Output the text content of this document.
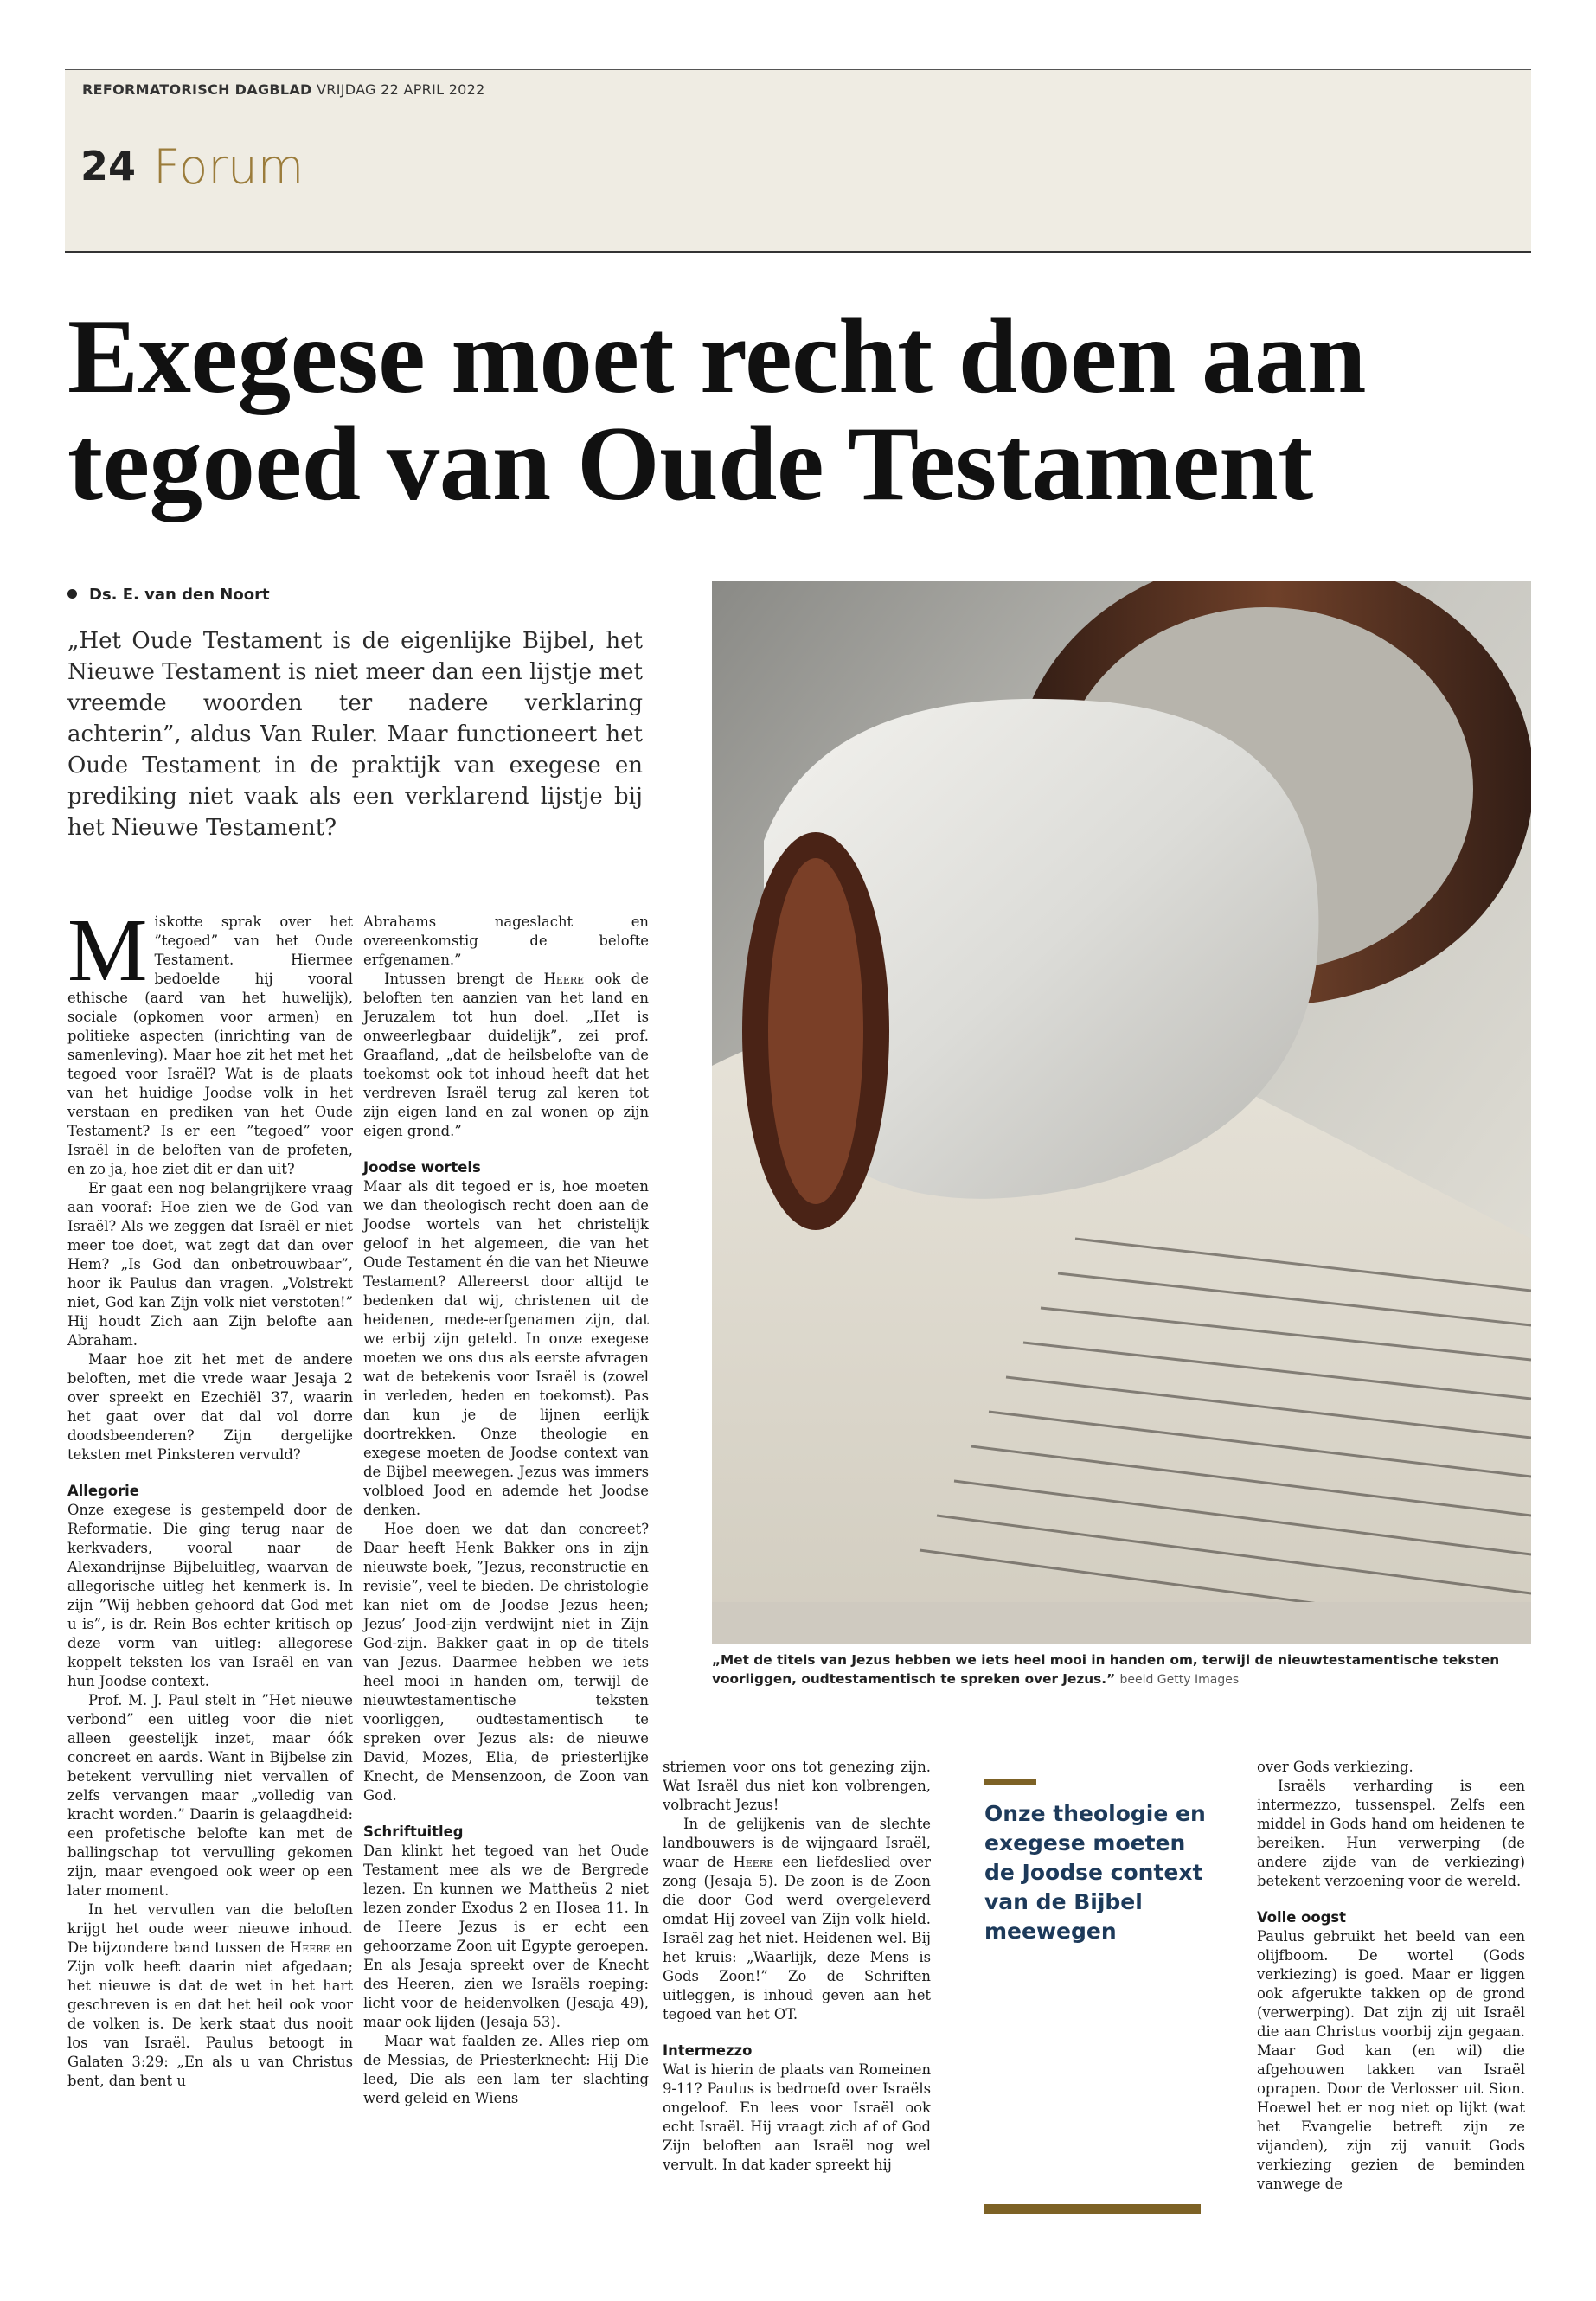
REFORMATORISCH DAGBLAD VRIJDAG 22 APRIL 2022
24 Forum
Exegese moet recht doen aan
tegoed van Oude Testament
Ds. E. van den Noort
„Het Oude Testament is de eigenlijke Bijbel, het Nieuwe Testament is niet meer dan een lijstje met vreemde woorden ter nadere verklaring achterin”, aldus Van Ruler. Maar functioneert het Oude Testament in de praktijk van exegese en prediking niet vaak als een verklarend lijstje bij het Nieuwe Testament?
„Met de titels van Jezus hebben we iets heel mooi in handen om, terwijl de nieuwtestamentische teksten voorliggen, oudtestamentisch te spreken over Jezus.” beeld Getty Images

Miskotte sprak over het ”tegoed” van het Oude Testament. Hiermee bedoelde hij vooral ethische (aard van het huwelijk), sociale (opkomen voor armen) en politieke aspecten (inrichting van de samenleving). Maar hoe zit het met het tegoed voor Israël? Wat is de plaats van het huidige Joodse volk in het verstaan en prediken van het Oude Testament? Is er een ”tegoed” voor Israël in de beloften van de profeten, en zo ja, hoe ziet dit er dan uit?

Er gaat een nog belangrijkere vraag aan vooraf: Hoe zien we de God van Israël? Als we zeggen dat Israël er niet meer toe doet, wat zegt dat dan over Hem? „Is God dan onbetrouwbaar”, hoor ik Paulus dan vragen. „Volstrekt niet, God kan Zijn volk niet verstoten!” Hij houdt Zich aan Zijn belofte aan Abraham.

Maar hoe zit het met de andere beloften, met die vrede waar Jesaja 2 over spreekt en Ezechiël 37, waarin het gaat over dat dal vol dorre doodsbeenderen? Zijn dergelijke teksten met Pinksteren vervuld?

Allegorie

Onze exegese is gestempeld door de Reformatie. Die ging terug naar de kerkvaders, vooral naar de Alexandrijnse Bijbeluitleg, waarvan de allegorische uitleg het kenmerk is. In zijn ”Wij hebben gehoord dat God met u is”, is dr. Rein Bos echter kritisch op deze vorm van uitleg: allegorese koppelt teksten los van Israël en van hun Joodse context.

Prof. M. J. Paul stelt in ”Het nieuwe verbond” een uitleg voor die niet alleen geestelijk inzet, maar óók concreet en aards. Want in Bijbelse zin betekent vervulling niet vervallen of zelfs vervangen maar „volledig van kracht worden.” Daarin is gelaagdheid: een profetische belofte kan met de ballingschap tot vervulling gekomen zijn, maar evengoed ook weer op een later moment.

In het vervullen van die beloften krijgt het oude weer nieuwe inhoud. De bijzondere band tussen de Heere en Zijn volk heeft daarin niet afgedaan; het nieuwe is dat de wet in het hart geschreven is en dat het heil ook voor de volken is. De kerk staat dus nooit los van Israël. Paulus betoogt in Galaten 3:29: „En als u van Christus bent, dan bent u

Abrahams nageslacht en overeenkomstig de belofte erfgenamen.”

Intussen brengt de Heere ook de beloften ten aanzien van het land en Jeruzalem tot hun doel. „Het is onweerlegbaar duidelijk”, zei prof. Graafland, „dat de heilsbelofte van de toekomst ook tot inhoud heeft dat het verdreven Israël terug zal keren tot zijn eigen land en zal wonen op zijn eigen grond.”

Joodse wortels

Maar als dit tegoed er is, hoe moeten we dan theologisch recht doen aan de Joodse wortels van het christelijk geloof in het algemeen, die van het Oude Testament én die van het Nieuwe Testament? Allereerst door altijd te bedenken dat wij, christenen uit de heidenen, mede-erfgenamen zijn, dat we erbij zijn geteld. In onze exegese moeten we ons dus als eerste afvragen wat de betekenis voor Israël is (zowel in verleden, heden en toekomst). Pas dan kun je de lijnen eerlijk doortrekken. Onze theologie en exegese moeten de Joodse context van de Bijbel meewegen. Jezus was immers volbloed Jood en ademde het Joodse denken.

Hoe doen we dat dan concreet? Daar heeft Henk Bakker ons in zijn nieuwste boek, ”Jezus, reconstructie en revisie”, veel te bieden. De christologie kan niet om de Joodse Jezus heen; Jezus’ Jood-zijn verdwijnt niet in Zijn God-zijn. Bakker gaat in op de titels van Jezus. Daarmee hebben we iets heel mooi in handen om, terwijl de nieuwtestamentische teksten voorliggen, oudtestamentisch te spreken over Jezus als: de nieuwe David, Mozes, Elia, de priesterlijke Knecht, de Mensenzoon, de Zoon van God.

Schriftuitleg

Dan klinkt het tegoed van het Oude Testament mee als we de Bergrede lezen. En kunnen we Mattheüs 2 niet lezen zonder Exodus 2 en Hosea 11. In de Heere Jezus is er echt een gehoorzame Zoon uit Egypte geroepen. En als Jesaja spreekt over de Knecht des Heeren, zien we Israëls roeping: licht voor de heidenvolken (Jesaja 49), maar ook lijden (Jesaja 53).

Maar wat faalden ze. Alles riep om de Messias, de Priesterknecht: Hij Die leed, Die als een lam ter slachting werd geleid en Wiens

striemen voor ons tot genezing zijn. Wat Israël dus niet kon volbrengen, volbracht Jezus!

In de gelijkenis van de slechte landbouwers is de wijngaard Israël, waar de Heere een liefdeslied over zong (Jesaja 5). De zoon is de Zoon die door God werd overgeleverd omdat Hij zoveel van Zijn volk hield. Israël zag het niet. Heidenen wel. Bij het kruis: „Waarlijk, deze Mens is Gods Zoon!” Zo de Schriften uitleggen, is inhoud geven aan het tegoed van het OT.

Intermezzo

Wat is hierin de plaats van Romeinen 9-11? Paulus is bedroefd over Israëls ongeloof. En lees voor Israël ook echt Israël. Hij vraagt zich af of God Zijn beloften aan Israël nog wel vervult. In dat kader spreekt hij

Onze theologie en exegese moeten de Joodse context van de Bijbel meewegen

over Gods verkiezing.

Israëls verharding is een intermezzo, tussenspel. Zelfs een middel in Gods hand om heidenen te bereiken. Hun verwerping (de andere zijde van de verkiezing) betekent verzoening voor de wereld.

Volle oogst

Paulus gebruikt het beeld van een olijfboom. De wortel (Gods verkiezing) is goed. Maar er liggen ook afgerukte takken op de grond (verwerping). Dat zijn zij uit Israël die aan Christus voorbij zijn gegaan. Maar God kan (en wil) die afgehouwen takken van Israël oprapen. Door de Verlosser uit Sion. Hoewel het er nog niet op lijkt (wat het Evangelie betreft zijn ze vijanden), zijn zij vanuit Gods verkiezing gezien de beminden vanwege de
